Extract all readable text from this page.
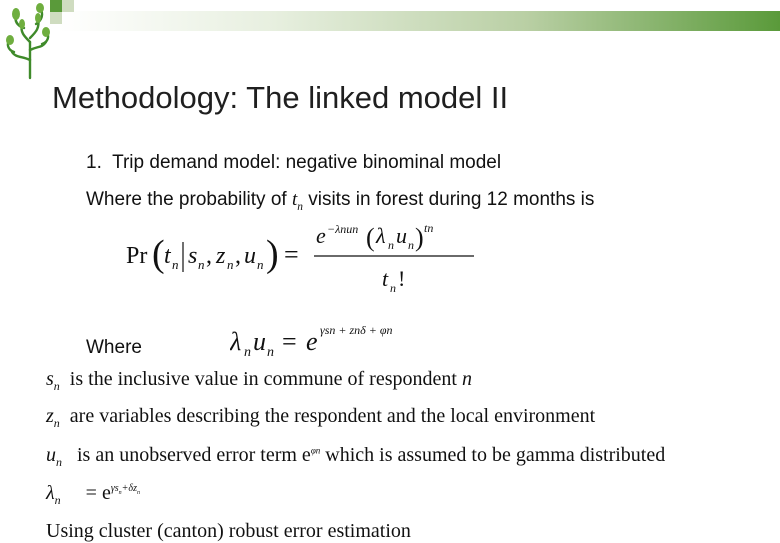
Methodology: The linked model II
1. Trip demand model: negative binominal model
Where the probability of $t_n$ visits in forest during 12 months is
Pr ( t n s n , z n , u n ) =
e −λnun ( λ n u n ) tn
t n !
Where	λ n u n = e γsn + znδ + φn
$s_n$ is the inclusive value in commune of respondent n
$z_n$ are variables describing the respondent and the local environment
$u_n$ is an unobserved error term $e^{\varphi n}$ which is assumed to be gamma distributed
$\lambda_n = e^{\gamma s_n+\delta z_n}$
Using cluster (canton) robust error estimation
